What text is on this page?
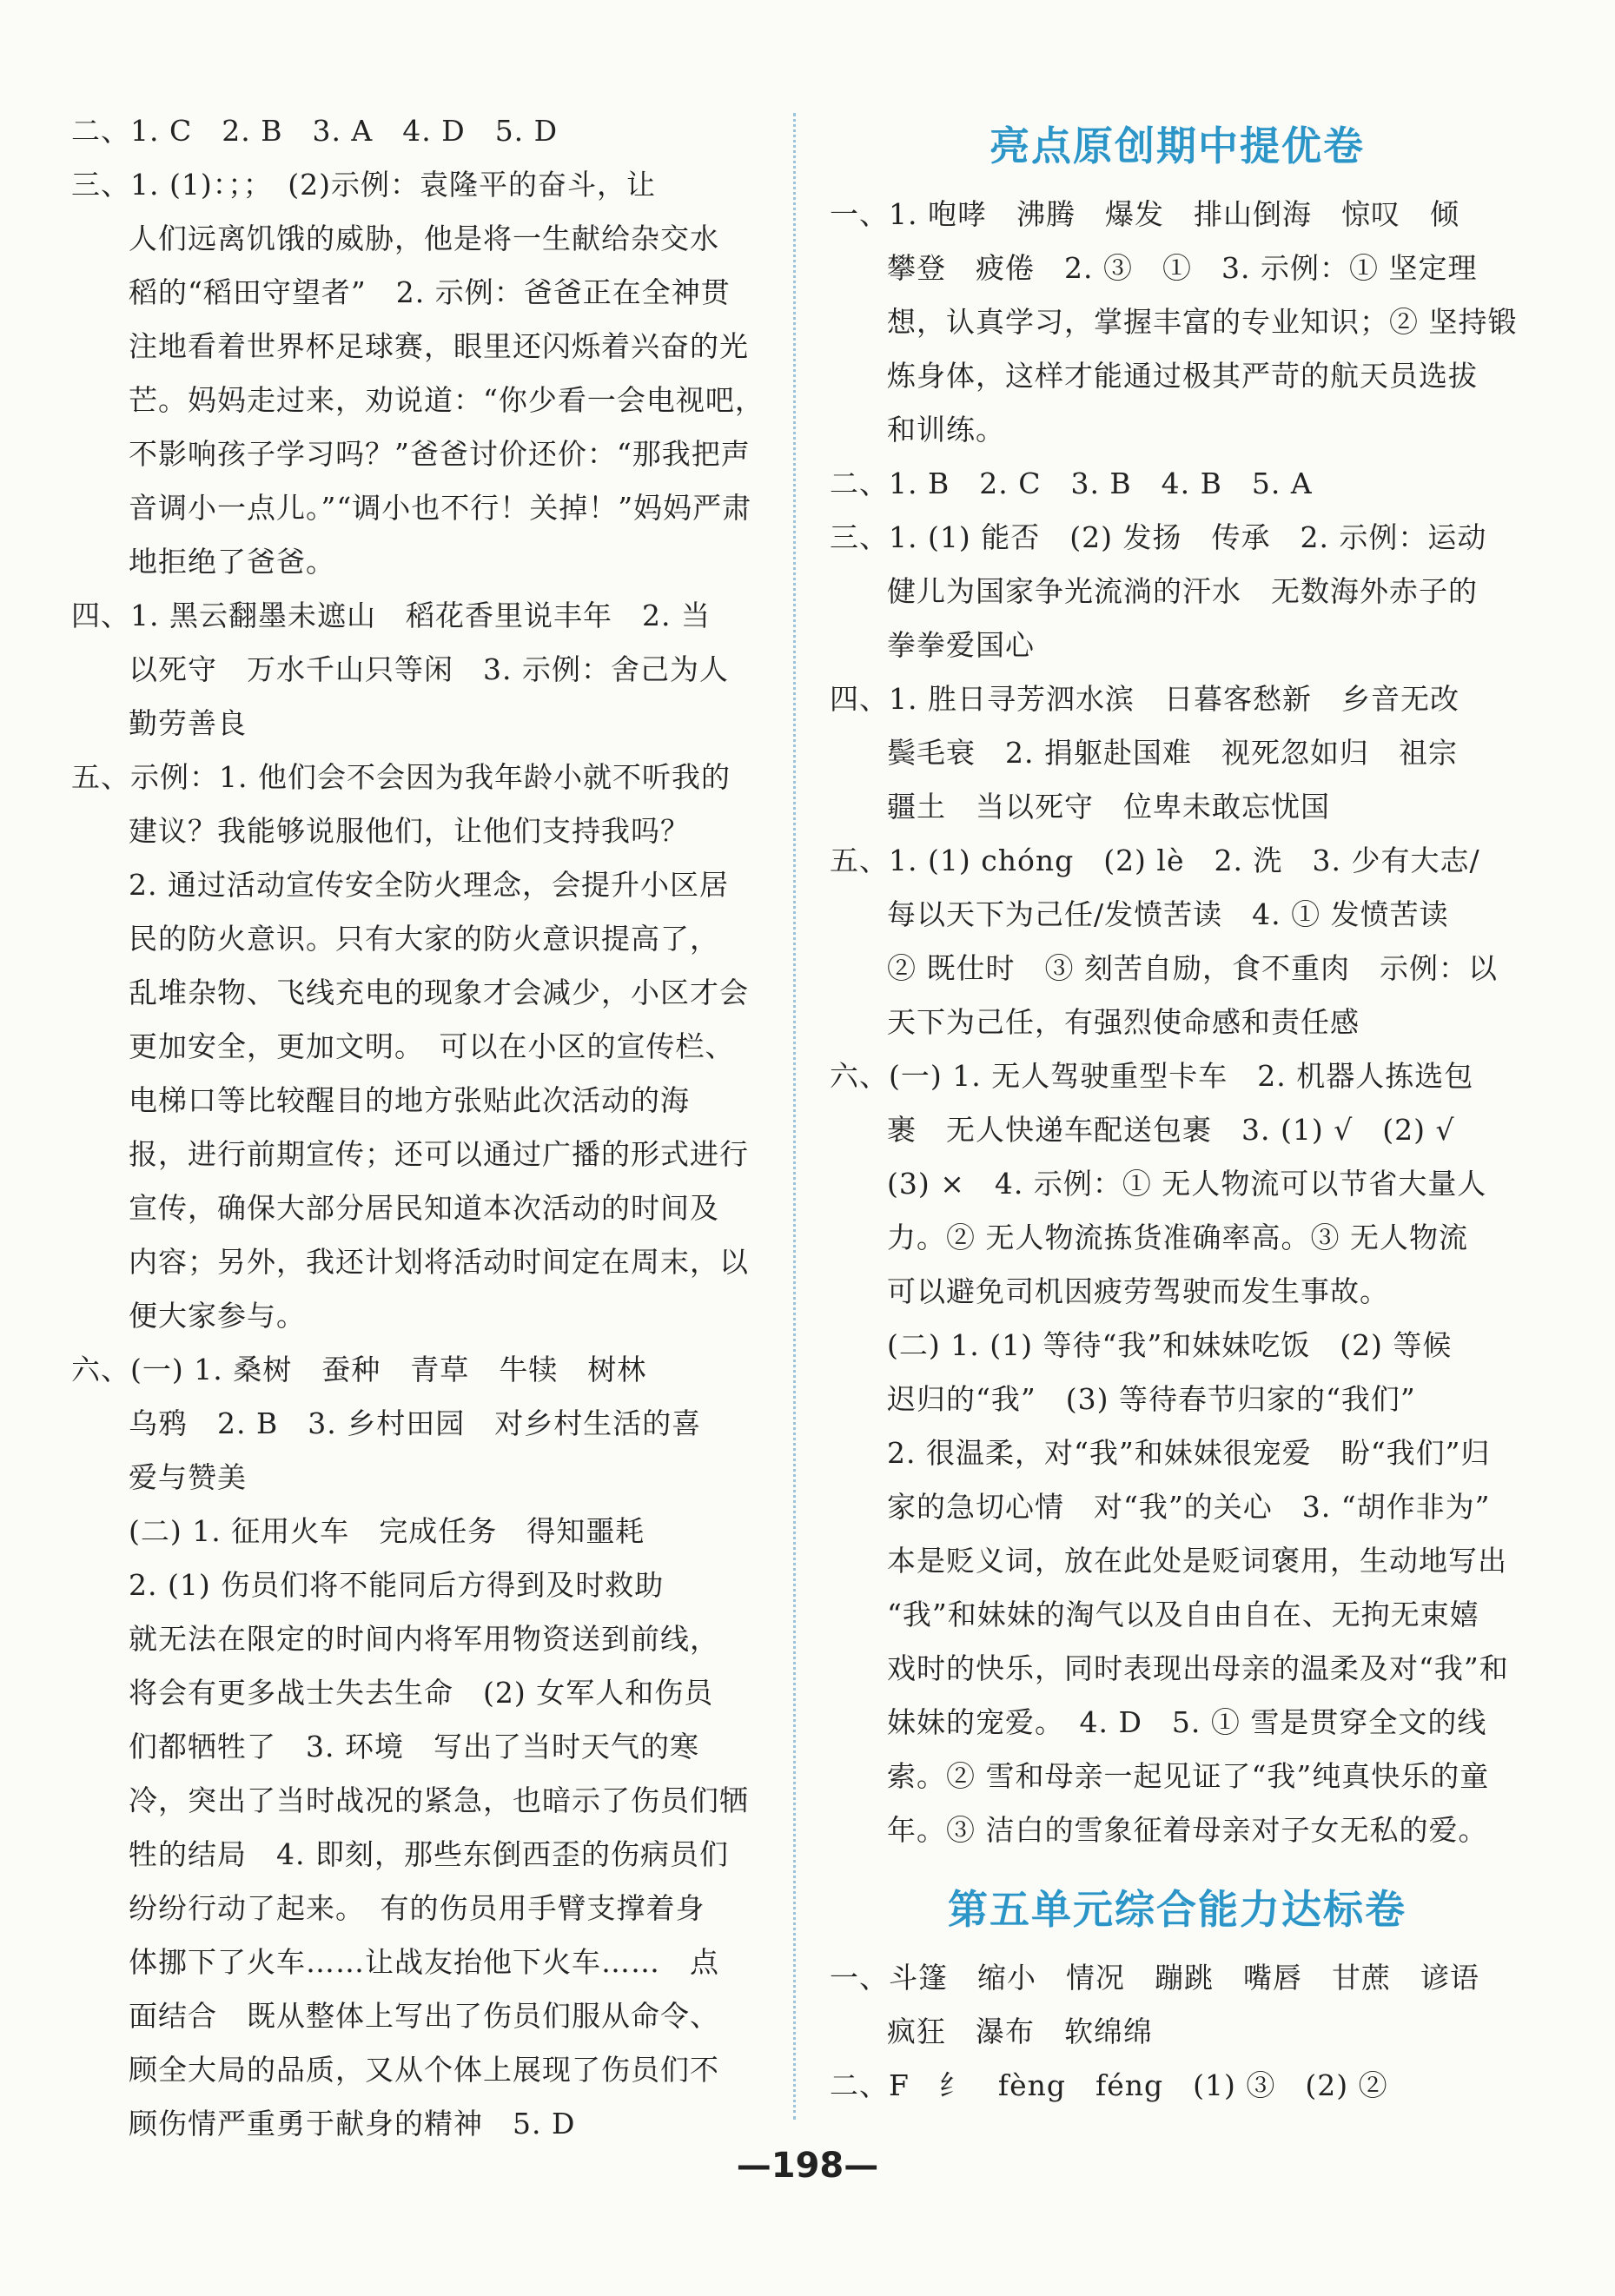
二、1. C　2. B　3. A　4. D　5. D
三、1. (1)：；；　(2)示例：袁隆平的奋斗，让
人们远离饥饿的威胁，他是将一生献给杂交水
稻的“稻田守望者”　2. 示例：爸爸正在全神贯
注地看着世界杯足球赛，眼里还闪烁着兴奋的光
芒。妈妈走过来，劝说道：“你少看一会电视吧，
不影响孩子学习吗？”爸爸讨价还价：“那我把声
音调小一点儿。”“调小也不行！关掉！”妈妈严肃
地拒绝了爸爸。
四、1. 黑云翻墨未遮山　稻花香里说丰年　2. 当
以死守　万水千山只等闲　3. 示例：舍己为人
勤劳善良
五、示例：1. 他们会不会因为我年龄小就不听我的
建议？我能够说服他们，让他们支持我吗？
2. 通过活动宣传安全防火理念，会提升小区居
民的防火意识。只有大家的防火意识提高了，
乱堆杂物、飞线充电的现象才会减少，小区才会
更加安全，更加文明。　可以在小区的宣传栏、
电梯口等比较醒目的地方张贴此次活动的海
报，进行前期宣传；还可以通过广播的形式进行
宣传，确保大部分居民知道本次活动的时间及
内容；另外，我还计划将活动时间定在周末，以
便大家参与。
六、(一) 1. 桑树　蚕种　青草　牛犊　树林
乌鸦　2. B　3. 乡村田园　对乡村生活的喜
爱与赞美
(二) 1. 征用火车　完成任务　得知噩耗
2. (1) 伤员们将不能同后方得到及时救助
就无法在限定的时间内将军用物资送到前线，
将会有更多战士失去生命　(2) 女军人和伤员
们都牺牲了　3. 环境　写出了当时天气的寒
冷，突出了当时战况的紧急，也暗示了伤员们牺
牲的结局　4. 即刻，那些东倒西歪的伤病员们
纷纷行动了起来。　有的伤员用手臂支撑着身
体挪下了火车……让战友抬他下火车……　点
面结合　既从整体上写出了伤员们服从命令、
顾全大局的品质，又从个体上展现了伤员们不
顾伤情严重勇于献身的精神　5. D
亮点原创期中提优卷
一、1. 咆哮　沸腾　爆发　排山倒海　惊叹　倾
攀登　疲倦　2. ③　①　3. 示例：① 坚定理
想，认真学习，掌握丰富的专业知识；② 坚持锻
炼身体，这样才能通过极其严苛的航天员选拔
和训练。
二、1. B　2. C　3. B　4. B　5. A
三、1. (1) 能否　(2) 发扬　传承　2. 示例：运动
健儿为国家争光流淌的汗水　无数海外赤子的
拳拳爱国心
四、1. 胜日寻芳泗水滨　日暮客愁新　乡音无改
鬓毛衰　2. 捐躯赴国难　视死忽如归　祖宗
疆土　当以死守　位卑未敢忘忧国
五、1. (1) chóng　(2) lè　2. 洗　3. 少有大志/
每以天下为己任/发愤苦读　4. ① 发愤苦读
② 既仕时　③ 刻苦自励，食不重肉　示例：以
天下为己任，有强烈使命感和责任感
六、(一) 1. 无人驾驶重型卡车　2. 机器人拣选包
裹　无人快递车配送包裹　3. (1) √　(2) √
(3) ×　4. 示例：① 无人物流可以节省大量人
力。② 无人物流拣货准确率高。③ 无人物流
可以避免司机因疲劳驾驶而发生事故。
(二) 1. (1) 等待“我”和妹妹吃饭　(2) 等候
迟归的“我”　(3) 等待春节归家的“我们”
2. 很温柔，对“我”和妹妹很宠爱　盼“我们”归
家的急切心情　对“我”的关心　3. “胡作非为”
本是贬义词，放在此处是贬词褒用，生动地写出
“我”和妹妹的淘气以及自由自在、无拘无束嬉
戏时的快乐，同时表现出母亲的温柔及对“我”和
妹妹的宠爱。　4. D　5. ① 雪是贯穿全文的线
索。② 雪和母亲一起见证了“我”纯真快乐的童
年。③ 洁白的雪象征着母亲对子女无私的爱。
第五单元综合能力达标卷
一、斗篷　缩小　情况　蹦跳　嘴唇　甘蔗　谚语
疯狂　瀑布　软绵绵
二、F　纟　fèng　féng　(1) ③　(2) ②
—198—
